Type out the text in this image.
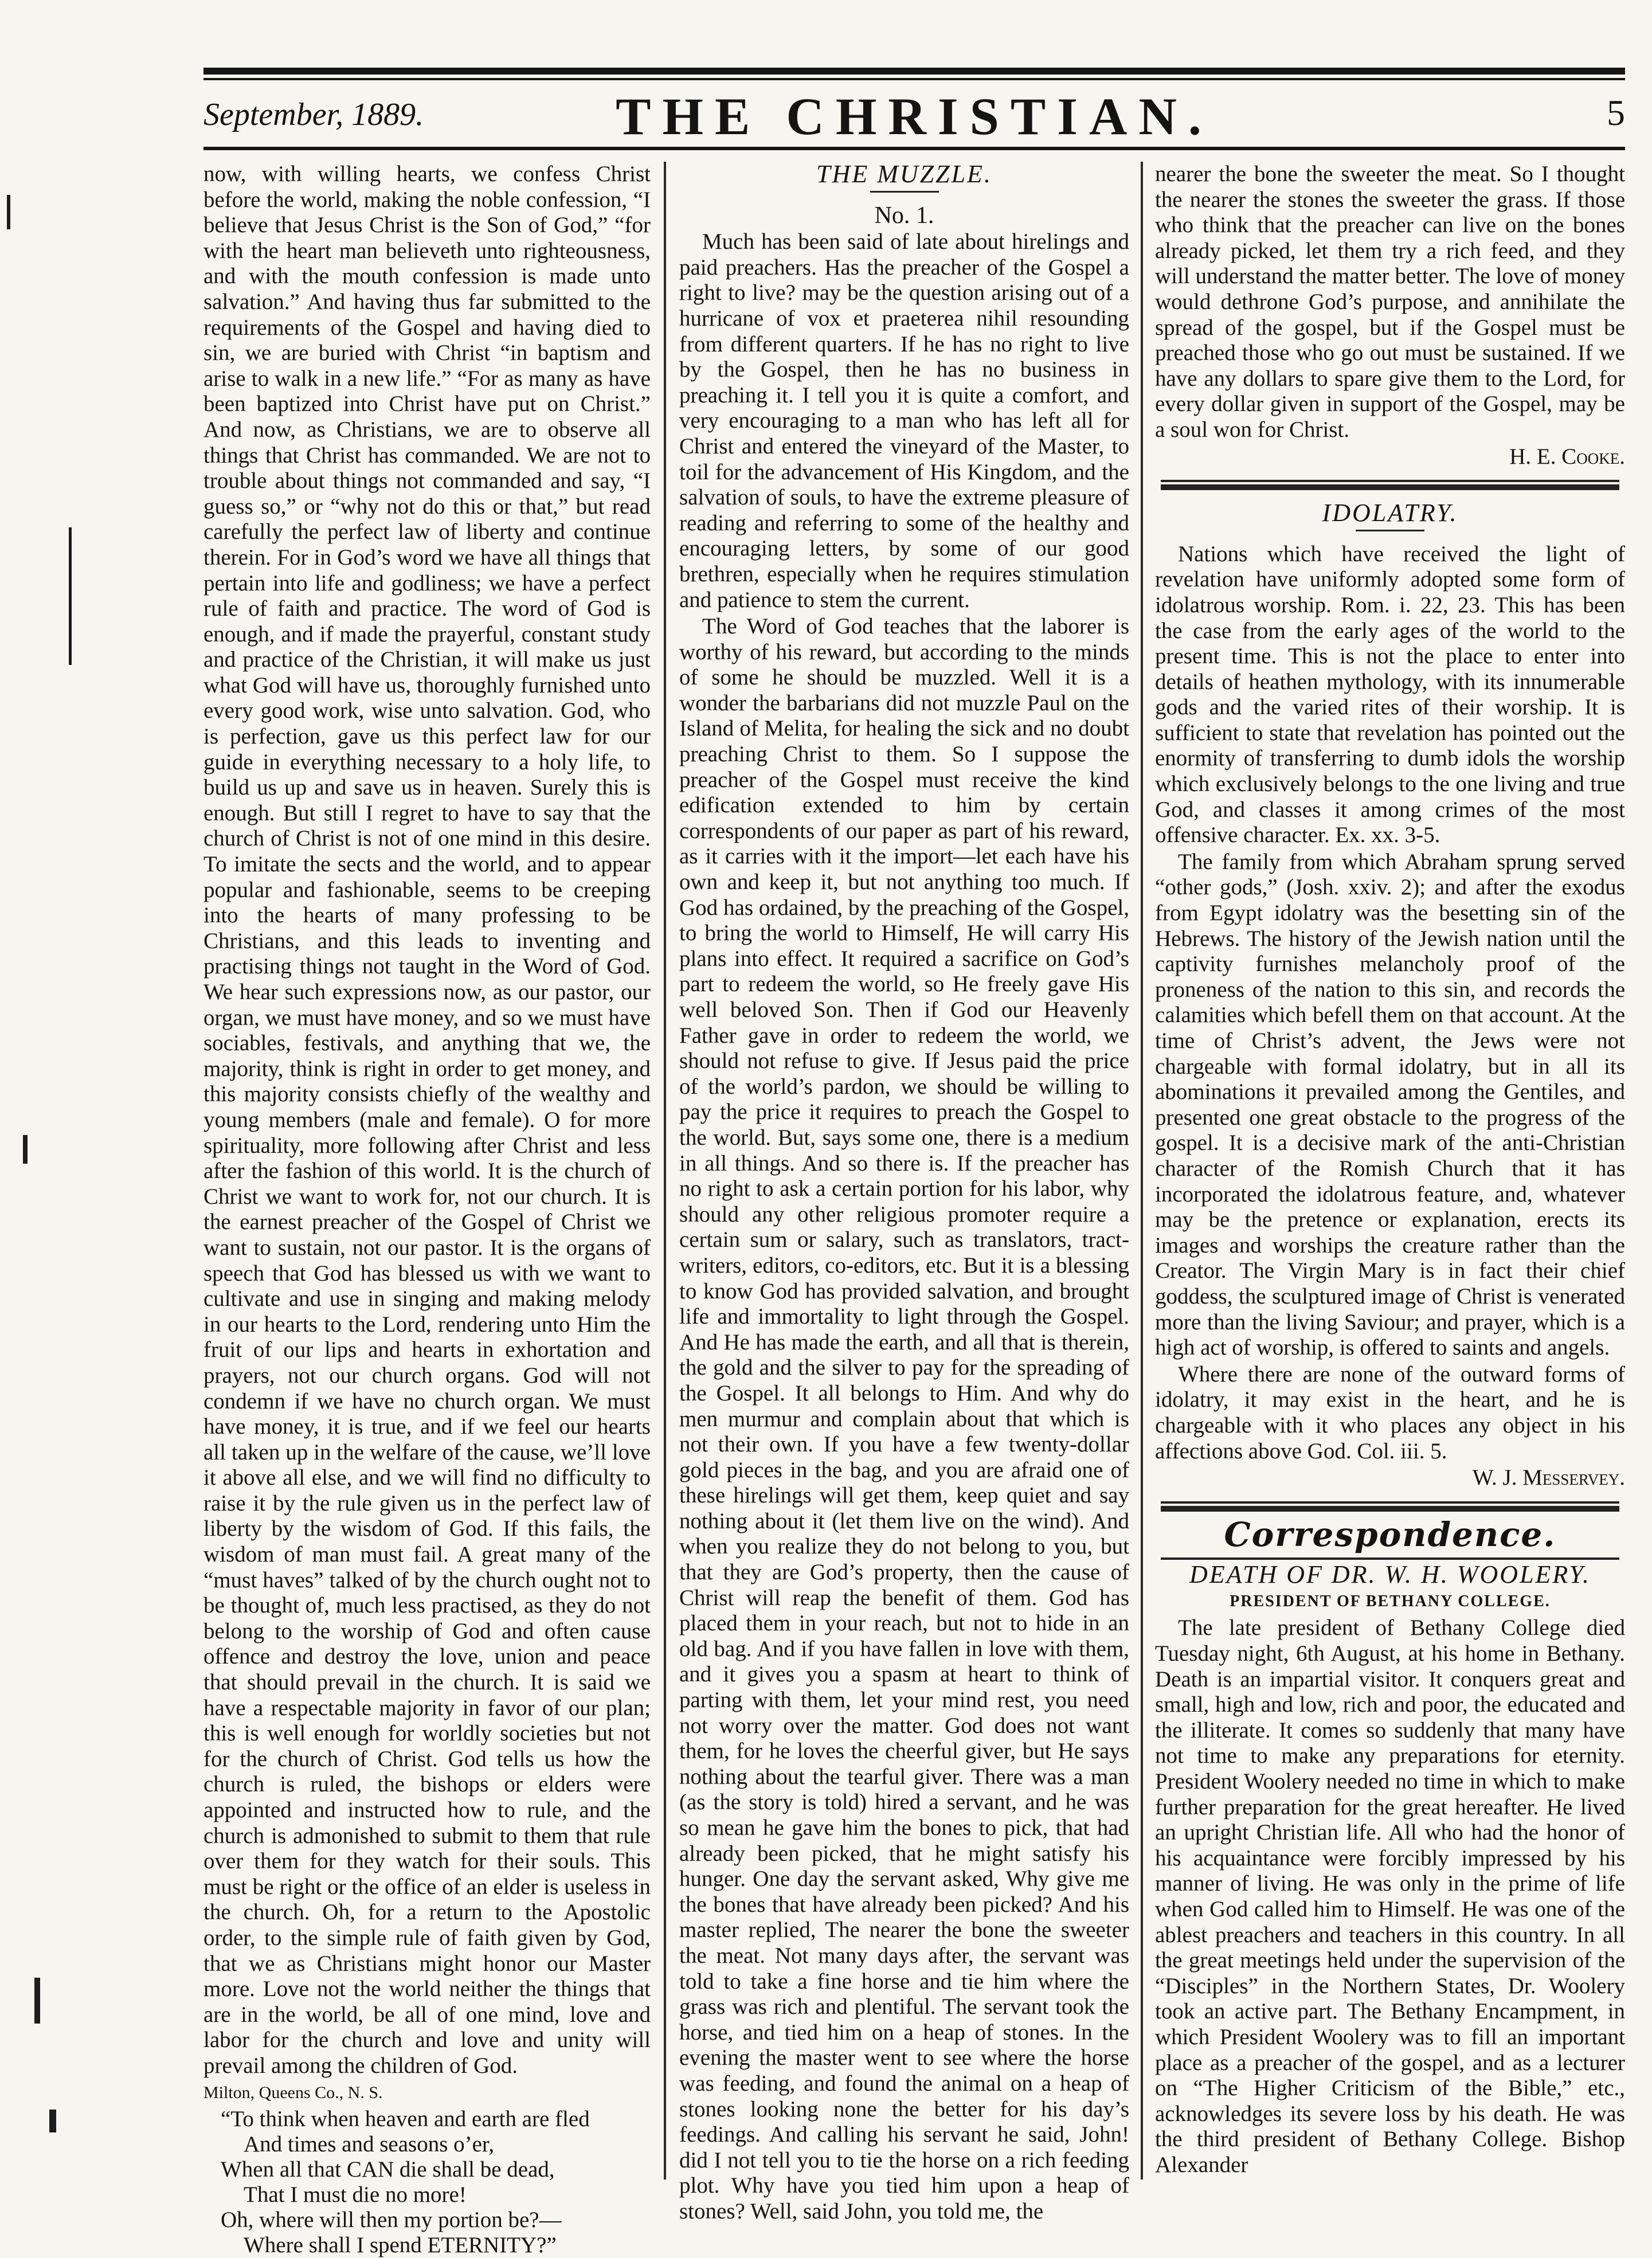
September, 1889.	THE CHRISTIAN.	5

now, with willing hearts, we confess Christ before the world, making the noble confession, “I believe that Jesus Christ is the Son of God,” “for with the heart man believeth unto righteousness, and with the mouth confession is made unto salvation.” And having thus far submitted to the requirements of the Gospel and having died to sin, we are buried with Christ “in baptism and arise to walk in a new life.” “For as many as have been baptized into Christ have put on Christ.” And now, as Christians, we are to observe all things that Christ has commanded. We are not to trouble about things not commanded and say, “I guess so,” or “why not do this or that,” but read carefully the perfect law of liberty and continue therein. For in God’s word we have all things that pertain into life and godliness; we have a perfect rule of faith and practice. The word of God is enough, and if made the prayerful, constant study and practice of the Christian, it will make us just what God will have us, thoroughly furnished unto every good work, wise unto salvation. God, who is perfection, gave us this perfect law for our guide in everything necessary to a holy life, to build us up and save us in heaven. Surely this is enough. But still I regret to have to say that the church of Christ is not of one mind in this desire. To imitate the sects and the world, and to appear popular and fashionable, seems to be creeping into the hearts of many professing to be Christians, and this leads to inventing and practising things not taught in the Word of God. We hear such expressions now, as our pastor, our organ, we must have money, and so we must have sociables, festivals, and anything that we, the majority, think is right in order to get money, and this majority consists chiefly of the wealthy and young members (male and female). O for more spirituality, more following after Christ and less after the fashion of this world. It is the church of Christ we want to work for, not our church. It is the earnest preacher of the Gospel of Christ we want to sustain, not our pastor. It is the organs of speech that God has blessed us with we want to cultivate and use in singing and making melody in our hearts to the Lord, rendering unto Him the fruit of our lips and hearts in exhortation and prayers, not our church organs. God will not condemn if we have no church organ. We must have money, it is true, and if we feel our hearts all taken up in the welfare of the cause, we’ll love it above all else, and we will find no difficulty to raise it by the rule given us in the perfect law of liberty by the wisdom of God. If this fails, the wisdom of man must fail. A great many of the “must haves” talked of by the church ought not to be thought of, much less practised, as they do not belong to the worship of God and often cause offence and destroy the love, union and peace that should prevail in the church. It is said we have a respectable majority in favor of our plan; this is well enough for worldly societies but not for the church of Christ. God tells us how the church is ruled, the bishops or elders were appointed and instructed how to rule, and the church is admonished to submit to them that rule over them for they watch for their souls. This must be right or the office of an elder is useless in the church. Oh, for a return to the Apostolic order, to the simple rule of faith given by God, that we as Christians might honor our Master more. Love not the world neither the things that are in the world, be all of one mind, love and labor for the church and love and unity will prevail among the children of God.

Milton, Queens Co., N. S.

“To think when heaven and earth are fled
And times and seasons o’er,
When all that CAN die shall be dead,
That I must die no more!
Oh, where will then my portion be?—
Where shall I spend ETERNITY?”

THE MUZZLE.

No. 1.

Much has been said of late about hirelings and paid preachers. Has the preacher of the Gospel a right to live? may be the question arising out of a hurricane of vox et praeterea nihil resounding from different quarters. If he has no right to live by the Gospel, then he has no business in preaching it. I tell you it is quite a comfort, and very encouraging to a man who has left all for Christ and entered the vineyard of the Master, to toil for the advancement of His Kingdom, and the salvation of souls, to have the extreme pleasure of reading and referring to some of the healthy and encouraging letters, by some of our good brethren, especially when he requires stimulation and patience to stem the current.

The Word of God teaches that the laborer is worthy of his reward, but according to the minds of some he should be muzzled. Well it is a wonder the barbarians did not muzzle Paul on the Island of Melita, for healing the sick and no doubt preaching Christ to them. So I suppose the preacher of the Gospel must receive the kind edification extended to him by certain correspondents of our paper as part of his reward, as it carries with it the import—let each have his own and keep it, but not anything too much. If God has ordained, by the preaching of the Gospel, to bring the world to Himself, He will carry His plans into effect. It required a sacrifice on God’s part to redeem the world, so He freely gave His well beloved Son. Then if God our Heavenly Father gave in order to redeem the world, we should not refuse to give. If Jesus paid the price of the world’s pardon, we should be willing to pay the price it requires to preach the Gospel to the world. But, says some one, there is a medium in all things. And so there is. If the preacher has no right to ask a certain portion for his labor, why should any other religious promoter require a certain sum or salary, such as translators, tract-writers, editors, co-editors, etc. But it is a blessing to know God has provided salvation, and brought life and immortality to light through the Gospel. And He has made the earth, and all that is therein, the gold and the silver to pay for the spreading of the Gospel. It all belongs to Him. And why do men murmur and complain about that which is not their own. If you have a few twenty-dollar gold pieces in the bag, and you are afraid one of these hirelings will get them, keep quiet and say nothing about it (let them live on the wind). And when you realize they do not belong to you, but that they are God’s property, then the cause of Christ will reap the benefit of them. God has placed them in your reach, but not to hide in an old bag. And if you have fallen in love with them, and it gives you a spasm at heart to think of parting with them, let your mind rest, you need not worry over the matter. God does not want them, for he loves the cheerful giver, but He says nothing about the tearful giver. There was a man (as the story is told) hired a servant, and he was so mean he gave him the bones to pick, that had already been picked, that he might satisfy his hunger. One day the servant asked, Why give me the bones that have already been picked? And his master replied, The nearer the bone the sweeter the meat. Not many days after, the servant was told to take a fine horse and tie him where the grass was rich and plentiful. The servant took the horse, and tied him on a heap of stones. In the evening the master went to see where the horse was feeding, and found the animal on a heap of stones looking none the better for his day’s feedings. And calling his servant he said, John! did I not tell you to tie the horse on a rich feeding plot. Why have you tied him upon a heap of stones? Well, said John, you told me, the

nearer the bone the sweeter the meat. So I thought the nearer the stones the sweeter the grass. If those who think that the preacher can live on the bones already picked, let them try a rich feed, and they will understand the matter better. The love of money would dethrone God’s purpose, and annihilate the spread of the gospel, but if the Gospel must be preached those who go out must be sustained. If we have any dollars to spare give them to the Lord, for every dollar given in support of the Gospel, may be a soul won for Christ.

H. E. Cooke.

IDOLATRY.

Nations which have received the light of revelation have uniformly adopted some form of idolatrous worship. Rom. i. 22, 23. This has been the case from the early ages of the world to the present time. This is not the place to enter into details of heathen mythology, with its innumerable gods and the varied rites of their worship. It is sufficient to state that revelation has pointed out the enormity of transferring to dumb idols the worship which exclusively belongs to the one living and true God, and classes it among crimes of the most offensive character. Ex. xx. 3-5.

The family from which Abraham sprung served “other gods,” (Josh. xxiv. 2); and after the exodus from Egypt idolatry was the besetting sin of the Hebrews. The history of the Jewish nation until the captivity furnishes melancholy proof of the proneness of the nation to this sin, and records the calamities which befell them on that account. At the time of Christ’s advent, the Jews were not chargeable with formal idolatry, but in all its abominations it prevailed among the Gentiles, and presented one great obstacle to the progress of the gospel. It is a decisive mark of the anti-Christian character of the Romish Church that it has incorporated the idolatrous feature, and, whatever may be the pretence or explanation, erects its images and worships the creature rather than the Creator. The Virgin Mary is in fact their chief goddess, the sculptured image of Christ is venerated more than the living Saviour; and prayer, which is a high act of worship, is offered to saints and angels.

Where there are none of the outward forms of idolatry, it may exist in the heart, and he is chargeable with it who places any object in his affections above God. Col. iii. 5.

W. J. Messervey.

Correspondence.

DEATH OF DR. W. H. WOOLERY.

PRESIDENT OF BETHANY COLLEGE.

The late president of Bethany College died Tuesday night, 6th August, at his home in Bethany. Death is an impartial visitor. It conquers great and small, high and low, rich and poor, the educated and the illiterate. It comes so suddenly that many have not time to make any preparations for eternity. President Woolery needed no time in which to make further preparation for the great hereafter. He lived an upright Christian life. All who had the honor of his acquaintance were forcibly impressed by his manner of living. He was only in the prime of life when God called him to Himself. He was one of the ablest preachers and teachers in this country. In all the great meetings held under the supervision of the “Disciples” in the Northern States, Dr. Woolery took an active part. The Bethany Encampment, in which President Woolery was to fill an important place as a preacher of the gospel, and as a lecturer on “The Higher Criticism of the Bible,” etc., acknowledges its severe loss by his death. He was the third president of Bethany College. Bishop Alexander
